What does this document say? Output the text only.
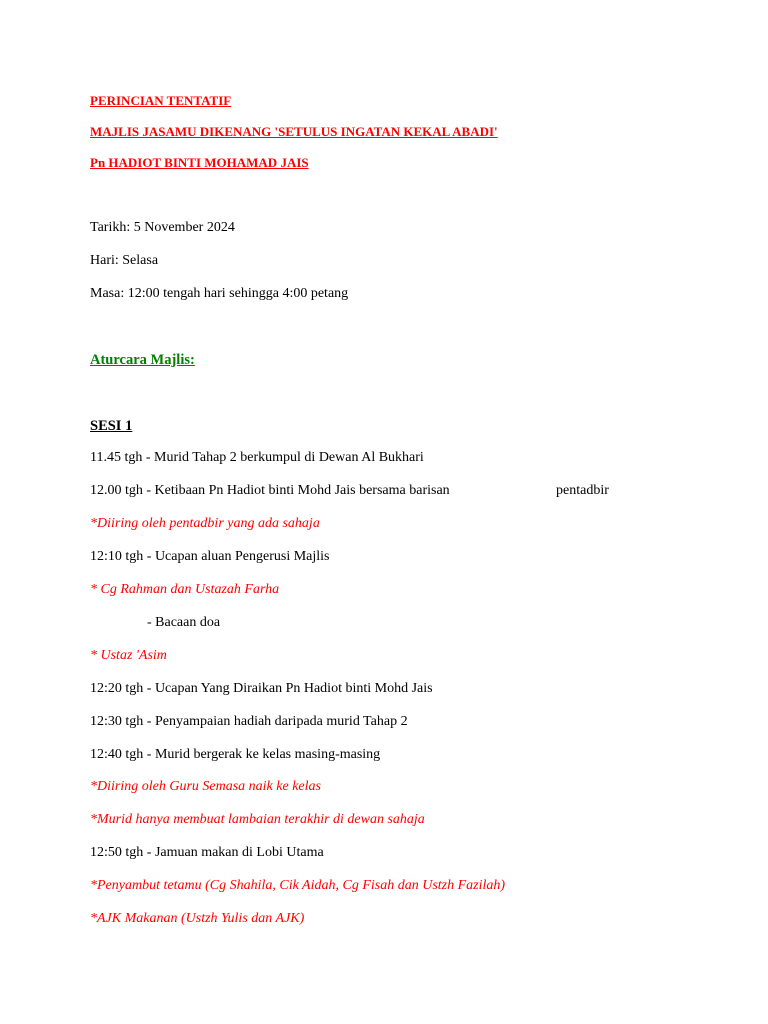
PERINCIAN TENTATIF
MAJLIS JASAMU DIKENANG 'SETULUS INGATAN KEKAL ABADI'
Pn HADIOT BINTI MOHAMAD JAIS
Tarikh: 5 November 2024
Hari: Selasa
Masa: 12:00 tengah hari sehingga 4:00 petang
Aturcara Majlis:
SESI 1
11.45 tgh - Murid Tahap 2 berkumpul di Dewan Al Bukhari
12.00 tgh - Ketibaan Pn Hadiot binti Mohd Jais bersama barisan	pentadbir
*Diiring oleh pentadbir yang ada sahaja
12:10 tgh - Ucapan aluan Pengerusi Majlis
* Cg Rahman dan Ustazah Farha
- Bacaan doa
* Ustaz 'Asim
12:20 tgh - Ucapan Yang Diraikan Pn Hadiot binti Mohd Jais
12:30 tgh - Penyampaian hadiah daripada murid Tahap 2
12:40 tgh - Murid bergerak ke kelas masing-masing
*Diiring oleh Guru Semasa naik ke kelas
*Murid hanya membuat lambaian terakhir di dewan sahaja
12:50 tgh - Jamuan makan di Lobi Utama
*Penyambut tetamu (Cg Shahila, Cik Aidah, Cg Fisah dan Ustzh Fazilah)
*AJK Makanan (Ustzh Yulis dan AJK)
